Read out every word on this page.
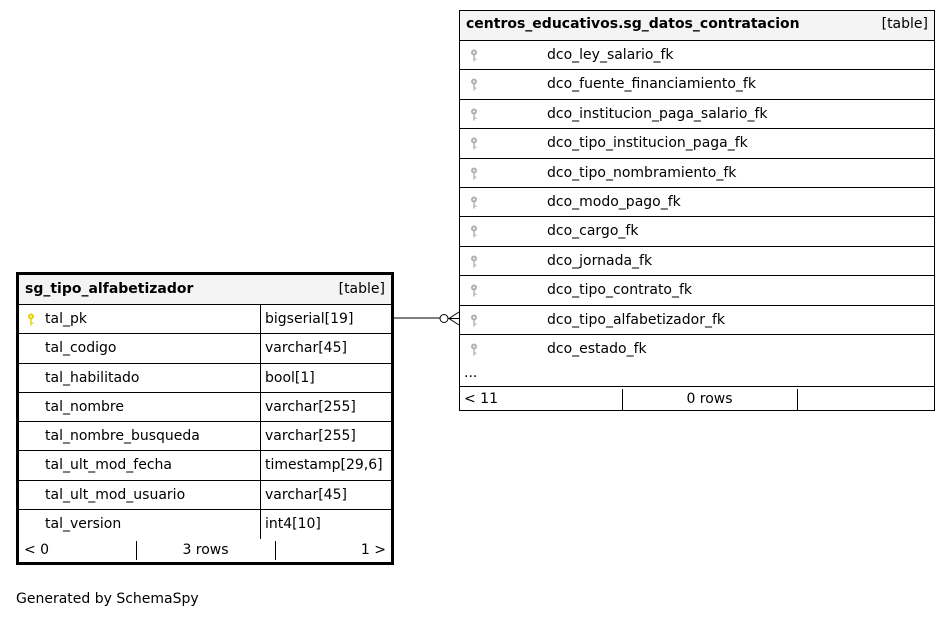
sg_tipo_alfabetizador	[table]
tal_pk	bigserial[19]
tal_codigo	varchar[45]
tal_habilitado	bool[1]
tal_nombre	varchar[255]
tal_nombre_busqueda	varchar[255]
tal_ult_mod_fecha	timestamp[29,6]
tal_ult_mod_usuario	varchar[45]
tal_version	int4[10]
< 0	3 rows	1 >
centros_educativos.sg_datos_contratacion	[table]
dco_ley_salario_fk
dco_fuente_financiamiento_fk
dco_institucion_paga_salario_fk
dco_tipo_institucion_paga_fk
dco_tipo_nombramiento_fk
dco_modo_pago_fk
dco_cargo_fk
dco_jornada_fk
dco_tipo_contrato_fk
dco_tipo_alfabetizador_fk
dco_estado_fk
...
< 11	0 rows
Generated by SchemaSpy
